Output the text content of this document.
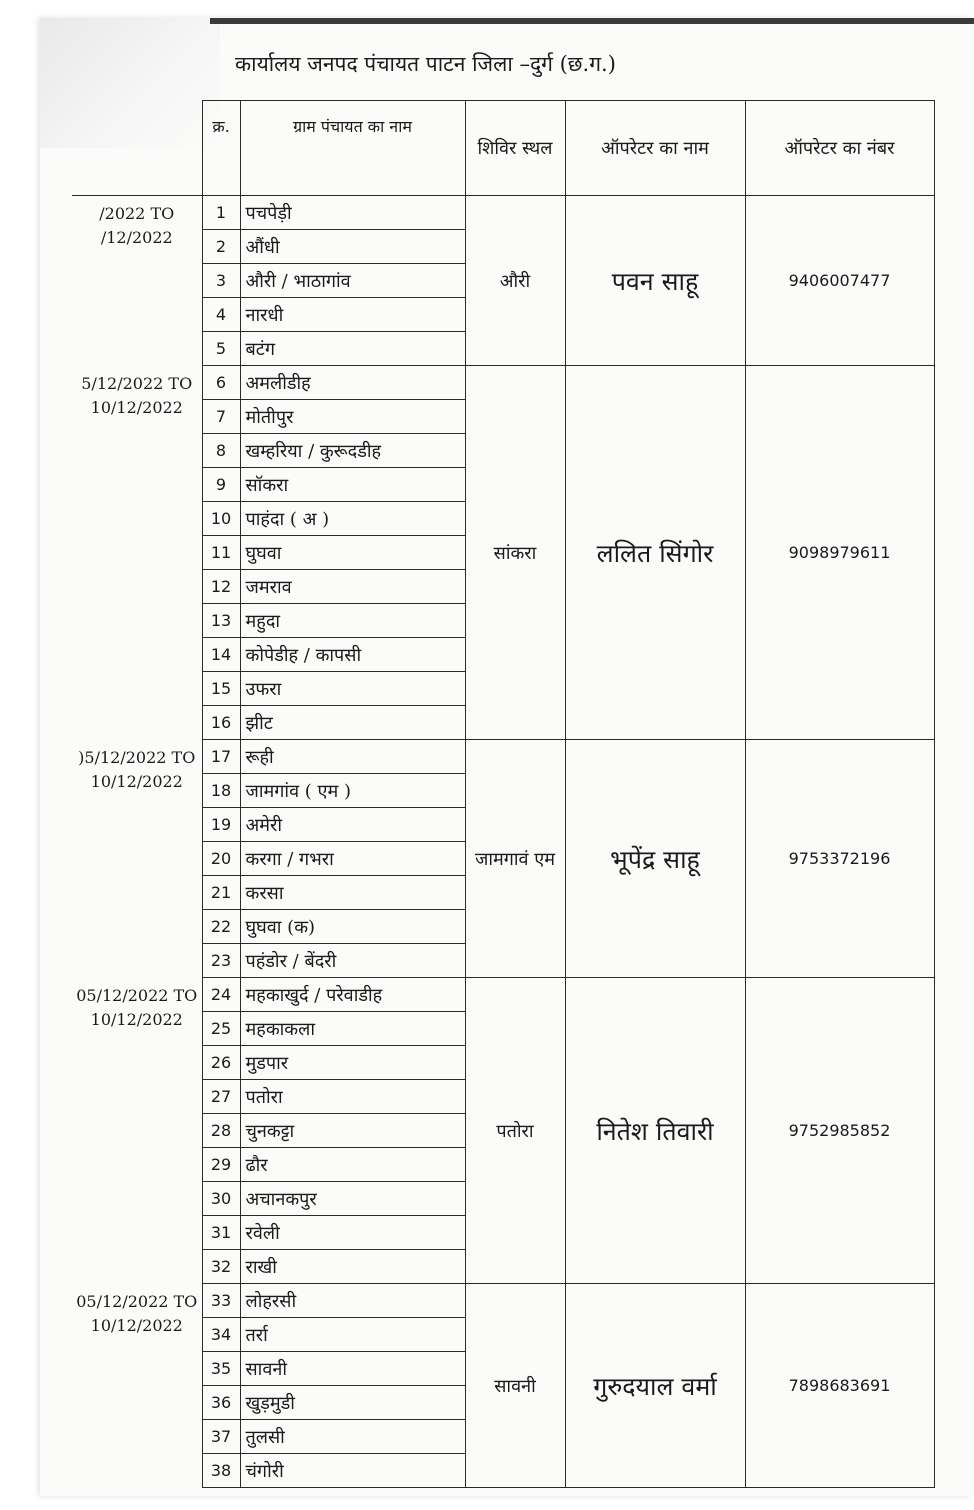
कार्यालय जनपद पंचायत पाटन जिला –दुर्ग (छ.ग.)
	क्र.	ग्राम पंचायत का नाम	शिविर स्थल	ऑपरेटर का नाम	ऑपरेटर का नंबर
/2022 TO /12/2022	1	पचपेड़ी	औरी	पवन साहू	9406007477
	2	औंधी			
	3	औरी / भाठागांव			
	4	नारधी			
	5	बटंग			
5/12/2022 TO 10/12/2022	6	अमलीडीह	सांकरा	ललित सिंगोर	9098979611
	7	मोतीपुर			
	8	खम्हरिया / कुरूदडीह			
	9	सॉकरा			
	10	पाहंदा ( अ )			
	11	घुघवा			
	12	जमराव			
	13	महुदा			
	14	कोपेडीह / कापसी			
	15	उफरा			
	16	झीट			
)5/12/2022 TO 10/12/2022	17	रूही	जामगावं एम	भूपेंद्र साहू	9753372196
	18	जामगांव ( एम )			
	19	अमेरी			
	20	करगा / गभरा			
	21	करसा			
	22	घुघवा (क)			
	23	पहंडोर / बेंदरी			
05/12/2022 TO 10/12/2022	24	महकाखुर्द / परेवाडीह	पतोरा	नितेश तिवारी	9752985852
	25	महकाकला			
	26	मुडपार			
	27	पतोरा			
	28	चुनकट्टा			
	29	ढौर			
	30	अचानकपुर			
	31	रवेली			
	32	राखी			
05/12/2022 TO 10/12/2022	33	लोहरसी	सावनी	गुरुदयाल वर्मा	7898683691
	34	तर्रा			
	35	सावनी			
	36	खुड़मुडी			
	37	तुलसी			
	38	चंगोरी			
